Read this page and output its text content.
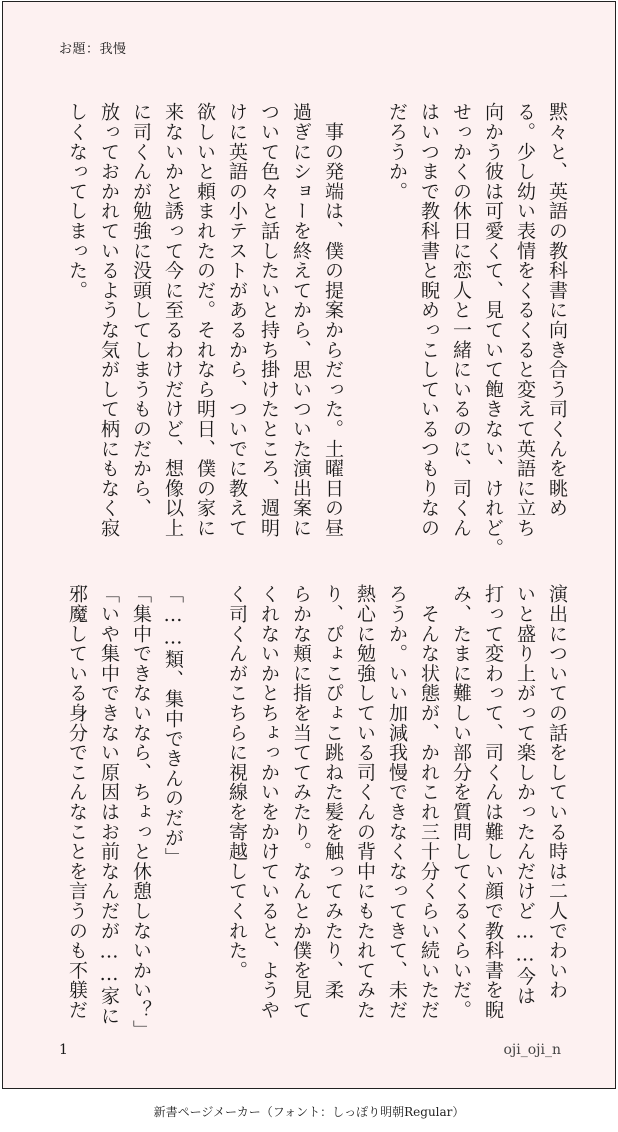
お題：我慢

黙々と、英語の教科書に向き合う司くんを眺め

る。少し幼い表情をくるくると変えて英語に立ち

向かう彼は可愛くて、見ていて飽きない、けれど。

せっかくの休日に恋人と一緒にいるのに、司くん

はいつまで教科書と睨めっこしているつもりなの

だろうか。

　事の発端は、僕の提案からだった。土曜日の昼

過ぎにショーを終えてから、思いついた演出案に

ついて色々と話したいと持ち掛けたところ、週明

けに英語の小テストがあるから、ついでに教えて

欲しいと頼まれたのだ。それなら明日、僕の家に

来ないかと誘って今に至るわけだけど、想像以上

に司くんが勉強に没頭してしまうものだから、

放っておかれているような気がして柄にもなく寂

しくなってしまった。

演出についての話をしている時は二人でわいわ

いと盛り上がって楽しかったんだけど……今は

打って変わって、司くんは難しい顔で教科書を睨

み、たまに難しい部分を質問してくるくらいだ。

　そんな状態が、かれこれ三十分くらい続いただ

ろうか。いい加減我慢できなくなってきて、未だ

熱心に勉強している司くんの背中にもたれてみた

り、ぴょこぴょこ跳ねた髪を触ってみたり、柔

らかな頬に指を当ててみたり。なんとか僕を見て

くれないかとちょっかいをかけていると、ようや

く司くんがこちらに視線を寄越してくれた。

「……類、集中できんのだが」

「集中できないなら、ちょっと休憩しないかい？」

「いや集中できない原因はお前なんだが……家に

邪魔している身分でこんなことを言うのも不躾だ

1	oji_oji_n
新書ページメーカー（フォント：しっぽり明朝Regular）
